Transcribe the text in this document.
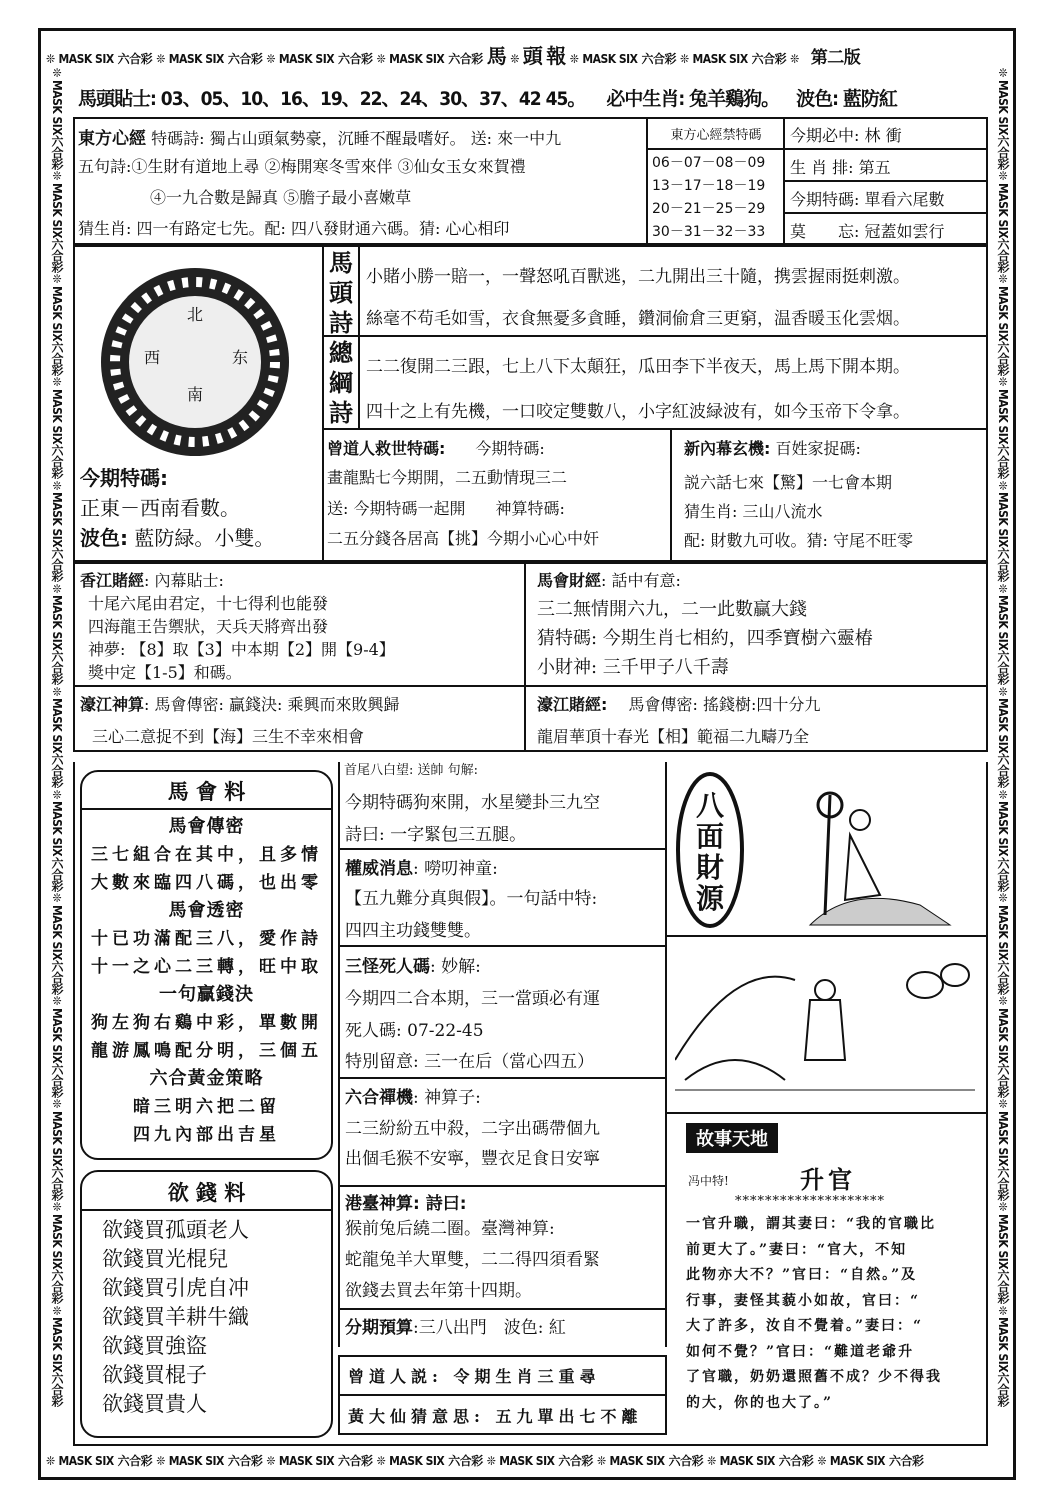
❊ MASK SIX 六合彩 ❊ MASK SIX 六合彩 ❊ MASK SIX 六合彩 ❊ MASK SIX 六合彩 馬 ❊ 頭 報 ❊ MASK SIX 六合彩 ❊ MASK SIX 六合彩 ❊ 第二版
❊ MASK SIX 六合彩 ❊ MASK SIX 六合彩 ❊ MASK SIX 六合彩 ❊ MASK SIX 六合彩 ❊ MASK SIX 六合彩 ❊ MASK SIX 六合彩 ❊ MASK SIX 六合彩 ❊ MASK SIX 六合彩
❊MASK SIX六合彩❊MASK SIX六合彩❊MASK SIX六合彩❊MASK SIX六合彩❊MASK SIX六合彩❊MASK SIX六合彩❊MASK SIX六合彩❊MASK SIX六合彩❊MASK SIX六合彩❊MASK SIX六合彩❊MASK SIX六合彩❊MASK SIX六合彩❊MASK SIX六合彩
❊MASK SIX六合彩❊MASK SIX六合彩❊MASK SIX六合彩❊MASK SIX六合彩❊MASK SIX六合彩❊MASK SIX六合彩❊MASK SIX六合彩❊MASK SIX六合彩❊MASK SIX六合彩❊MASK SIX六合彩❊MASK SIX六合彩❊MASK SIX六合彩❊MASK SIX六合彩
馬頭貼士: 03、05、10、16、19、22、24、30、37、42 45。 必中生肖: 兔羊鷄狗。 波色: 藍防紅
東方心經 特碼詩: 獨占山頭氣勢豪，沉睡不醒最嗜好。 送: 來一中九
五句詩:①生財有道地上尋 ②梅開寒冬雪來伴 ③仙女玉女來賀禮
④一九合數是歸真 ⑤膽子最小喜嫩草
猜生肖: 四一有路定七先。配: 四八發財通六碼。猜: 心心相印
東方心經禁特碼
06－07－08－09
13－17－18－19
20－21－25－29
30－31－32－33
今期必中: 林 衝
生 肖 排: 第五
今期特碼: 單看六尾數
莫　　忘: 冠蓋如雲行
北
西	东
南
今期特碼:
正東－西南看數。
波色: 藍防緑。小雙。
馬
頭
詩
小賭小勝一賠一，一聲怒吼百獸逃，二九開出三十隨，携雲握雨挺刺激。
絲毫不苟毛如雪，衣食無憂多貪睡，鑽洞偷倉三更窮，温香暖玉化雲烟。
總
綱
詩
二二復開二三跟，七上八下太顛狂，瓜田李下半夜天，馬上馬下開本期。
四十之上有先機，一口咬定雙數八，小字紅波緑波有，如今玉帝下令拿。
曾道人救世特碼: 今期特碼:
畫龍點七今期開，二五動情現三二
送: 今期特碼一起開 神算特碼:
二五分錢各居高【挑】今期小心心中奸
新內幕玄機: 百姓家捉碼:
説六話七來【驚】一七會本期
猜生肖: 三山八流水
配: 財數九可收。猜: 守尾不旺零
香江賭經: 內幕貼士:
十尾六尾由君定，十七得利也能發
四海龍王告禦狀，天兵天將齊出發
神夢: 【8】取【3】中本期【2】開【9-4】
獎中定【1-5】和碼。
馬會財經: 話中有意:
三二無情開六九，二一此數贏大錢
猜特碼: 今期生肖七相約，四季寶樹六靈椿
小財神: 三千甲子八千壽
濠江神算: 馬會傳密: 贏錢決: 乘興而來敗興歸
三心二意捉不到【海】三生不幸來相會
濠江賭經: 馬會傳密: 搖錢樹:四十分九
龍眉華頂十春光【相】範福二九疇乃全
馬 會 料
馬會傳密
三七組合在其中，且多情
大數來臨四八碼，也出零
馬會透密
十已功滿配三八，愛作詩
十一之心二三轉，旺中取
一句贏錢決
狗左狗右鷄中彩，單數開
龍游鳳鳴配分明，三個五
六合黃金策略
暗三明六把二留
四九內部出吉星
欲 錢 料
欲錢買孤頭老人
欲錢買光棍兒
欲錢買引虎自冲
欲錢買羊耕牛織
欲錢買強盜
欲錢買棍子
欲錢買貴人
首尾八白望: 送帥 句解:
今期特碼狗來開，水星變卦三九空
詩曰: 一字緊包三五腿。
權威消息: 嘮叨神童:
【五九難分真與假】。一句話中特:
四四主功錢雙雙。
三怪死人碼: 妙解:
今期四二合本期，三一當頭必有運
死人碼: 07-22-45
特別留意: 三一在后（當心四五）
六合禪機: 神算子:
二三紛紛五中殺，二字出碼帶個九
出個毛猴不安寧，豐衣足食日安寧
港臺神算: 詩曰:
猴前兔后繞二圈。臺灣神算:
蛇龍兔羊大單雙，二二得四須看緊
欲錢去買去年第十四期。
分期預算:三八出門　波色: 紅
曾道人説: 令期生肖三重尋
黃大仙猜意思: 五九單出七不離
八
面
財
源
故事天地
冯中特!	升官
********************
一官升職，謂其妻曰：“我的官職比
前更大了。”妻曰：“官大，不知
此物亦大不？”官曰：“自然。”及
行事，妻怪其藐小如故，官曰：“
大了許多，汝自不覺着。”妻曰：“
如何不覺？”官曰：“難道老爺升
了官職，奶奶還照舊不成？少不得我
的大，你的也大了。”
